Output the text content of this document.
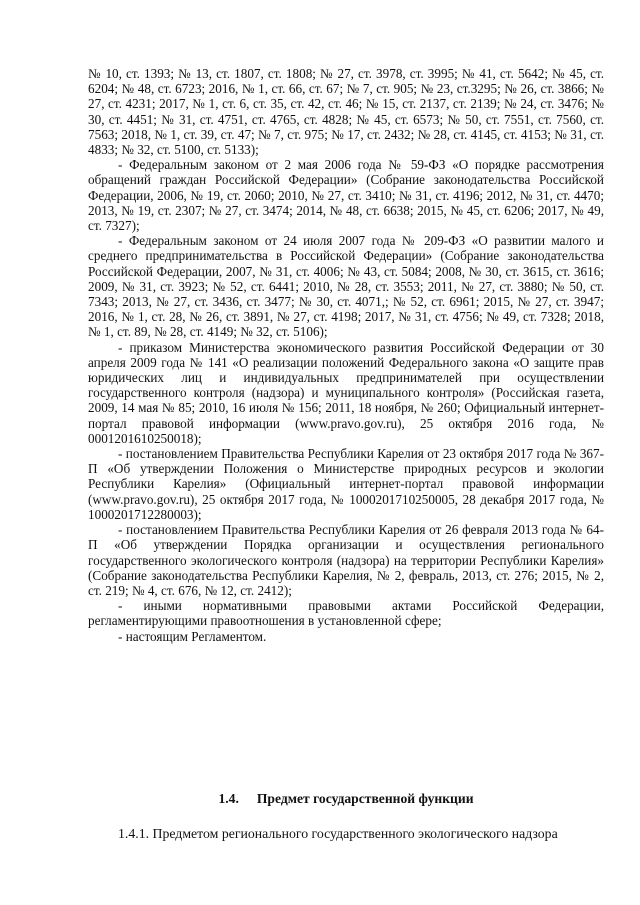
№ 10, ст. 1393; № 13, ст. 1807, ст. 1808; № 27, ст. 3978, ст. 3995; № 41, ст. 5642; № 45, ст. 6204; № 48, ст. 6723; 2016, № 1, ст. 66, ст. 67; № 7, ст. 905; № 23, ст.3295; № 26, ст. 3866; № 27, ст. 4231; 2017, № 1, ст. 6, ст. 35, ст. 42, ст. 46; № 15, ст. 2137, ст. 2139; № 24, ст. 3476; № 30, ст. 4451; № 31, ст. 4751, ст. 4765, ст. 4828; № 45, ст. 6573; № 50, ст. 7551, ст. 7560, ст. 7563; 2018, № 1, ст. 39, ст. 47; № 7, ст. 975; № 17, ст. 2432; № 28, ст. 4145, ст. 4153; № 31, ст. 4833; № 32, ст. 5100, ст. 5133);

- Федеральным законом от 2 мая 2006 года № 59-ФЗ «О порядке рассмотрения обращений граждан Российской Федерации» (Собрание законодательства Российской Федерации, 2006, № 19, ст. 2060; 2010, № 27, ст. 3410; № 31, ст. 4196; 2012, № 31, ст. 4470; 2013, № 19, ст. 2307; № 27, ст. 3474; 2014, № 48, ст. 6638; 2015, № 45, ст. 6206; 2017, № 49, ст. 7327);

- Федеральным законом от 24 июля 2007 года № 209-ФЗ «О развитии малого и среднего предпринимательства в Российской Федерации» (Собрание законодательства Российской Федерации, 2007, № 31, ст. 4006; № 43, ст. 5084; 2008, № 30, ст. 3615, ст. 3616; 2009, № 31, ст. 3923; № 52, ст. 6441; 2010, № 28, ст. 3553; 2011, № 27, ст. 3880; № 50, ст. 7343; 2013, № 27, ст. 3436, ст. 3477; № 30, ст. 4071,; № 52, ст. 6961; 2015, № 27, ст. 3947; 2016, № 1, ст. 28, № 26, ст. 3891, № 27, ст. 4198; 2017, № 31, ст. 4756; № 49, ст. 7328; 2018, № 1, ст. 89, № 28, ст. 4149; № 32, ст. 5106);

- приказом Министерства экономического развития Российской Федерации от 30 апреля 2009 года № 141 «О реализации положений Федерального закона «О защите прав юридических лиц и индивидуальных предпринимателей при осуществлении государственного контроля (надзора) и муниципального контроля» (Российская газета, 2009, 14 мая № 85; 2010, 16 июля № 156; 2011, 18 ноября, № 260; Официальный интернет-портал правовой информации (www.pravo.gov.ru), 25 октября 2016 года, № 0001201610250018);

- постановлением Правительства Республики Карелия от 23 октября 2017 года № 367-П «Об утверждении Положения о Министерстве природных ресурсов и экологии Республики Карелия» (Официальный интернет-портал правовой информации (www.pravo.gov.ru), 25 октября 2017 года, № 1000201710250005, 28 декабря 2017 года, № 1000201712280003);

- постановлением Правительства Республики Карелия от 26 февраля 2013 года № 64-П «Об утверждении Порядка организации и осуществления регионального государственного экологического контроля (надзора) на территории Республики Карелия» (Собрание законодательства Республики Карелия, № 2, февраль, 2013, ст. 276; 2015, № 2, ст. 219; № 4, ст. 676, № 12, ст. 2412);

- иными нормативными правовыми актами Российской Федерации, регламентирующими правоотношения в установленной сфере;

- настоящим Регламентом.

1.4. Предмет государственной функции
1.4.1. Предметом регионального государственного экологического надзора
